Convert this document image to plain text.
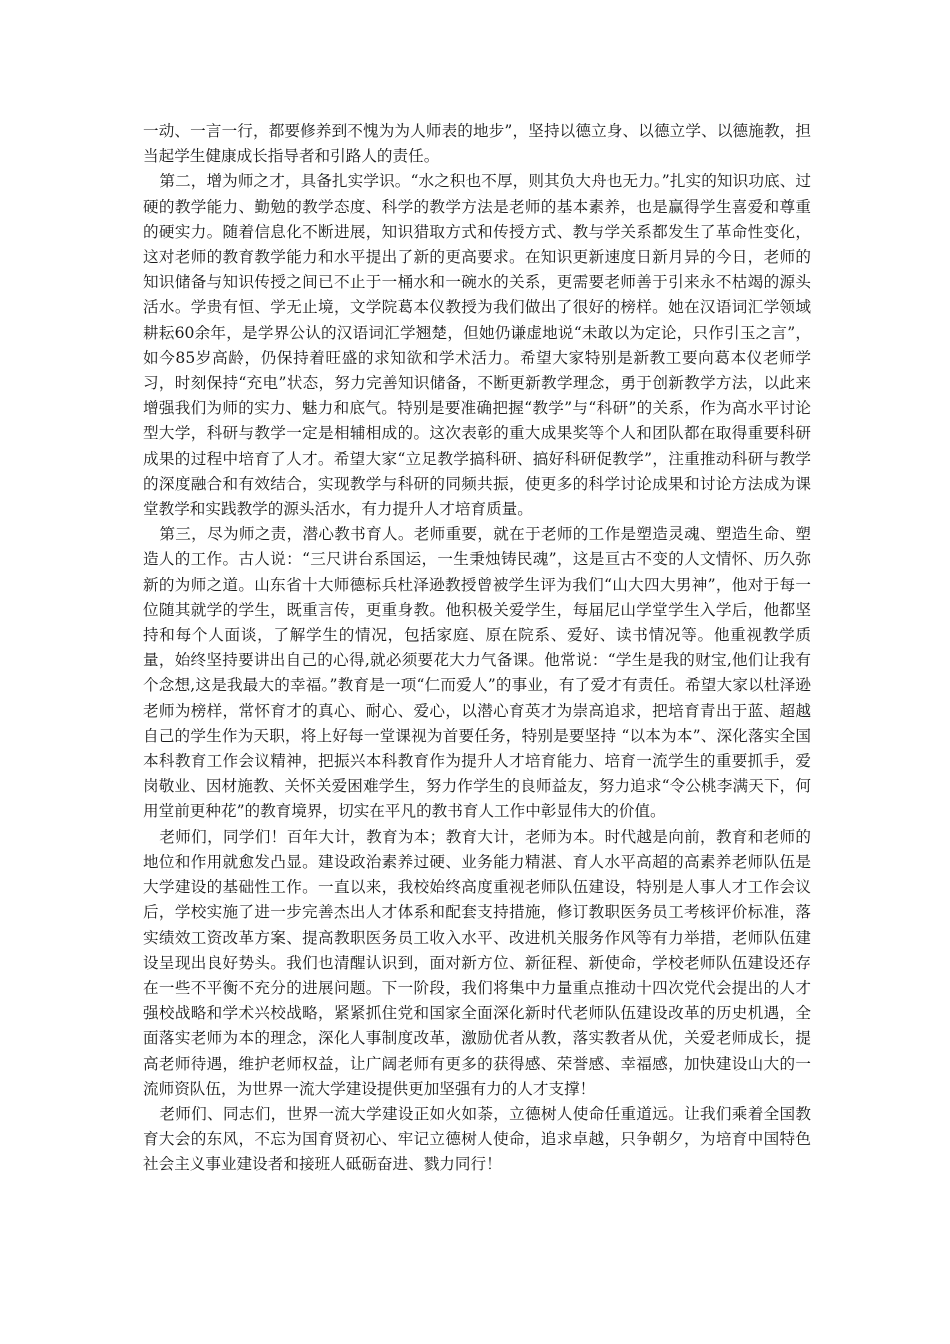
一动、一言一行，都要修养到不愧为为人师表的地步”，坚持以德立身、以德立学、以德施教，担当起学生健康成长指导者和引路人的责任。

第二，增为师之才，具备扎实学识。“水之积也不厚，则其负大舟也无力。”扎实的知识功底、过硬的教学能力、勤勉的教学态度、科学的教学方法是老师的基本素养，也是赢得学生喜爱和尊重的硬实力。随着信息化不断进展，知识猎取方式和传授方式、教与学关系都发生了革命性变化，这对老师的教育教学能力和水平提出了新的更高要求。在知识更新速度日新月异的今日，老师的知识储备与知识传授之间已不止于一桶水和一碗水的关系，更需要老师善于引来永不枯竭的源头活水。学贵有恒、学无止境，文学院葛本仪教授为我们做出了很好的榜样。她在汉语词汇学领域耕耘60余年，是学界公认的汉语词汇学翘楚，但她仍谦虚地说“未敢以为定论，只作引玉之言”，如今85岁高龄，仍保持着旺盛的求知欲和学术活力。希望大家特别是新教工要向葛本仪老师学习，时刻保持“充电”状态，努力完善知识储备，不断更新教学理念，勇于创新教学方法，以此来增强我们为师的实力、魅力和底气。特别是要准确把握“教学”与“科研”的关系，作为高水平讨论型大学，科研与教学一定是相辅相成的。这次表彰的重大成果奖等个人和团队都在取得重要科研成果的过程中培育了人才。希望大家“立足教学搞科研、搞好科研促教学”，注重推动科研与教学的深度融合和有效结合，实现教学与科研的同频共振，使更多的科学讨论成果和讨论方法成为课堂教学和实践教学的源头活水，有力提升人才培育质量。

第三，尽为师之责，潜心教书育人。老师重要，就在于老师的工作是塑造灵魂、塑造生命、塑造人的工作。古人说：“三尺讲台系国运，一生秉烛铸民魂”，这是亘古不变的人文情怀、历久弥新的为师之道。山东省十大师德标兵杜泽逊教授曾被学生评为我们“山大四大男神”，他对于每一位随其就学的学生，既重言传，更重身教。他积极关爱学生，每届尼山学堂学生入学后，他都坚持和每个人面谈，了解学生的情况，包括家庭、原在院系、爱好、读书情况等。他重视教学质量，始终坚持要讲出自己的心得,就必须要花大力气备课。他常说：“学生是我的财宝,他们让我有个念想,这是我最大的幸福。”教育是一项“仁而爱人”的事业，有了爱才有责任。希望大家以杜泽逊老师为榜样，常怀育才的真心、耐心、爱心，以潜心育英才为崇高追求，把培育青出于蓝、超越自己的学生作为天职，将上好每一堂课视为首要任务，特别是要坚持 “以本为本”、深化落实全国本科教育工作会议精神，把振兴本科教育作为提升人才培育能力、培育一流学生的重要抓手，爱岗敬业、因材施教、关怀关爱困难学生，努力作学生的良师益友，努力追求“令公桃李满天下，何用堂前更种花”的教育境界，切实在平凡的教书育人工作中彰显伟大的价值。

老师们，同学们！百年大计，教育为本；教育大计，老师为本。时代越是向前，教育和老师的地位和作用就愈发凸显。建设政治素养过硬、业务能力精湛、育人水平高超的高素养老师队伍是大学建设的基础性工作。一直以来，我校始终高度重视老师队伍建设，特别是人事人才工作会议后，学校实施了进一步完善杰出人才体系和配套支持措施，修订教职医务员工考核评价标准，落实绩效工资改革方案、提高教职医务员工收入水平、改进机关服务作风等有力举措，老师队伍建设呈现出良好势头。我们也清醒认识到，面对新方位、新征程、新使命，学校老师队伍建设还存在一些不平衡不充分的进展问题。下一阶段，我们将集中力量重点推动十四次党代会提出的人才强校战略和学术兴校战略，紧紧抓住党和国家全面深化新时代老师队伍建设改革的历史机遇，全面落实老师为本的理念，深化人事制度改革，激励优者从教，落实教者从优，关爱老师成长，提高老师待遇，维护老师权益，让广阔老师有更多的获得感、荣誉感、幸福感，加快建设山大的一流师资队伍，为世界一流大学建设提供更加坚强有力的人才支撑！

老师们、同志们，世界一流大学建设正如火如荼，立德树人使命任重道远。让我们乘着全国教育大会的东风，不忘为国育贤初心、牢记立德树人使命，追求卓越，只争朝夕，为培育中国特色社会主义事业建设者和接班人砥砺奋进、戮力同行！
